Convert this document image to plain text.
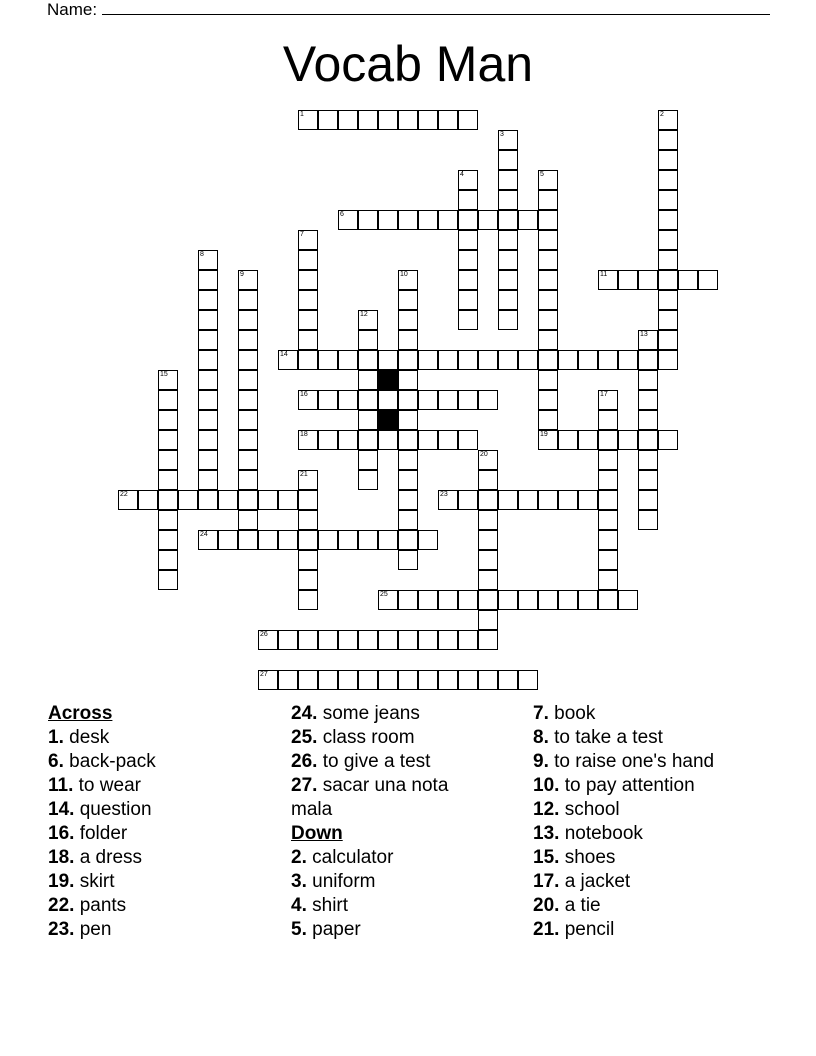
Name:
Vocab Man
1	2
3
4	5
19
6
7
8
9	10	11
12
13
14
15
16	17
18
20
21
22	23
24
25
26
27
Across
1. desk
6. back-pack
11. to wear
14. question
16. folder
18. a dress
19. skirt
22. pants
23. pen
24. some jeans
25. class room
26. to give a test
27. sacar una nota mala
Down
2. calculator
3. uniform
4. shirt
5. paper
7. book
8. to take a test
9. to raise one's hand
10. to pay attention
12. school
13. notebook
15. shoes
17. a jacket
20. a tie
21. pencil
